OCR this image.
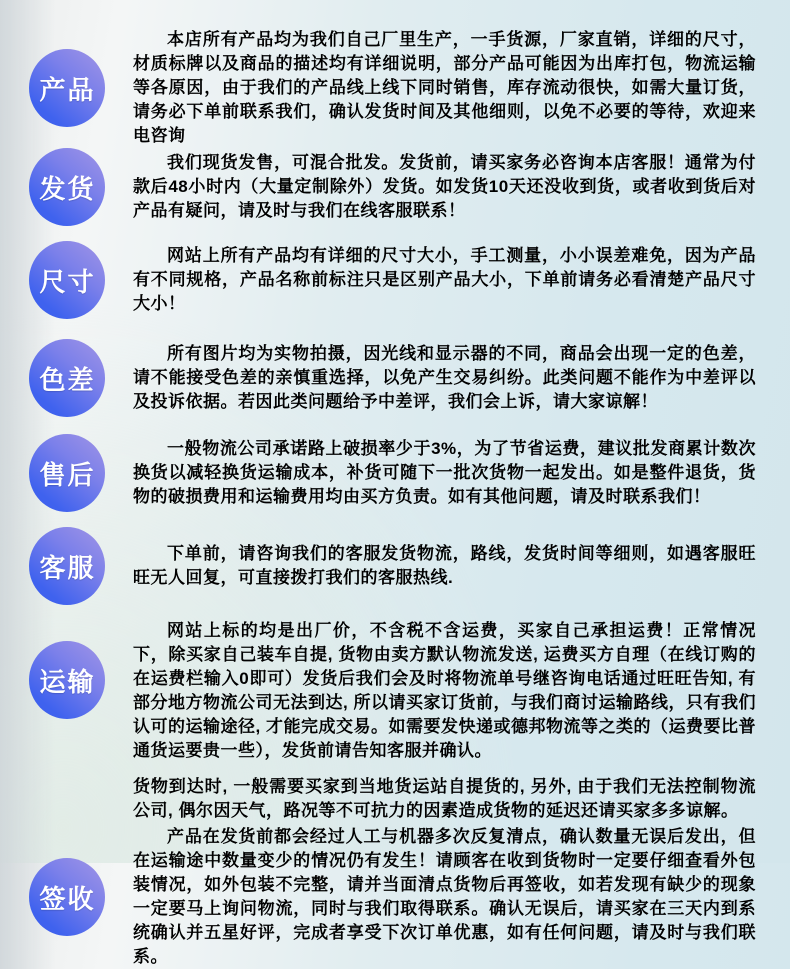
产品

本店所有产品均为我们自己厂里生产，一手货源，厂家直销，详细的尺寸，材质标牌以及商品的描述均有详细说明，部分产品可能因为出库打包，物流运输等各原因，由于我们的产品线上线下同时销售，库存流动很快，如需大量订货，请务必下单前联系我们，确认发货时间及其他细则，以免不必要的等待，欢迎来电咨询

发货

我们现货发售，可混合批发。发货前，请买家务必咨询本店客服！通常为付款后48小时内（大量定制除外）发货。如发货10天还没收到货，或者收到货后对产品有疑问，请及时与我们在线客服联系！

尺寸

网站上所有产品均有详细的尺寸大小，手工测量，小小误差难免，因为产品有不同规格，产品名称前标注只是区别产品大小，下单前请务必看清楚产品尺寸大小！

色差

所有图片均为实物拍摄，因光线和显示器的不同，商品会出现一定的色差，请不能接受色差的亲慎重选择，以免产生交易纠纷。此类问题不能作为中差评以及投诉依据。若因此类问题给予中差评，我们会上诉，请大家谅解！

售后

一般物流公司承诺路上破损率少于3%，为了节省运费，建议批发商累计数次换货以减轻换货运输成本，补货可随下一批次货物一起发出。如是整件退货，货物的破损费用和运输费用均由买方负责。如有其他问题，请及时联系我们！

客服	下单前，请咨询我们的客服发货物流，路线，发货时间等细则，如遇客服旺旺无人回复，可直接拨打我们的客服热线.

运输

网站上标的均是出厂价，不含税不含运费，买家自己承担运费！正常情况下，除买家自己装车自提, 货物由卖方默认物流发送, 运费买方自理（在线订购的在运费栏输入0即可）发货后我们会及时将物流单号继咨询电话通过旺旺告知, 有部分地方物流公司无法到达, 所以请买家订货前，与我们商讨运输路线，只有我们认可的运输途径, 才能完成交易。如需要发快递或德邦物流等之类的（运费要比普通货运要贵一些），发货前请告知客服并确认。

货物到达时, 一般需要买家到当地货运站自提货的, 另外, 由于我们无法控制物流公司, 偶尔因天气，路况等不可抗力的因素造成货物的延迟还请买家多多谅解。

签收

产品在发货前都会经过人工与机器多次反复清点，确认数量无误后发出，但在运输途中数量变少的情况仍有发生！请顾客在收到货物时一定要仔细查看外包装情况，如外包装不完整，请并当面清点货物后再签收，如若发现有缺少的现象一定要马上询问物流，同时与我们取得联系。确认无误后，请买家在三天内到系统确认并五星好评，完成者享受下次订单优惠，如有任何问题，请及时与我们联系。
